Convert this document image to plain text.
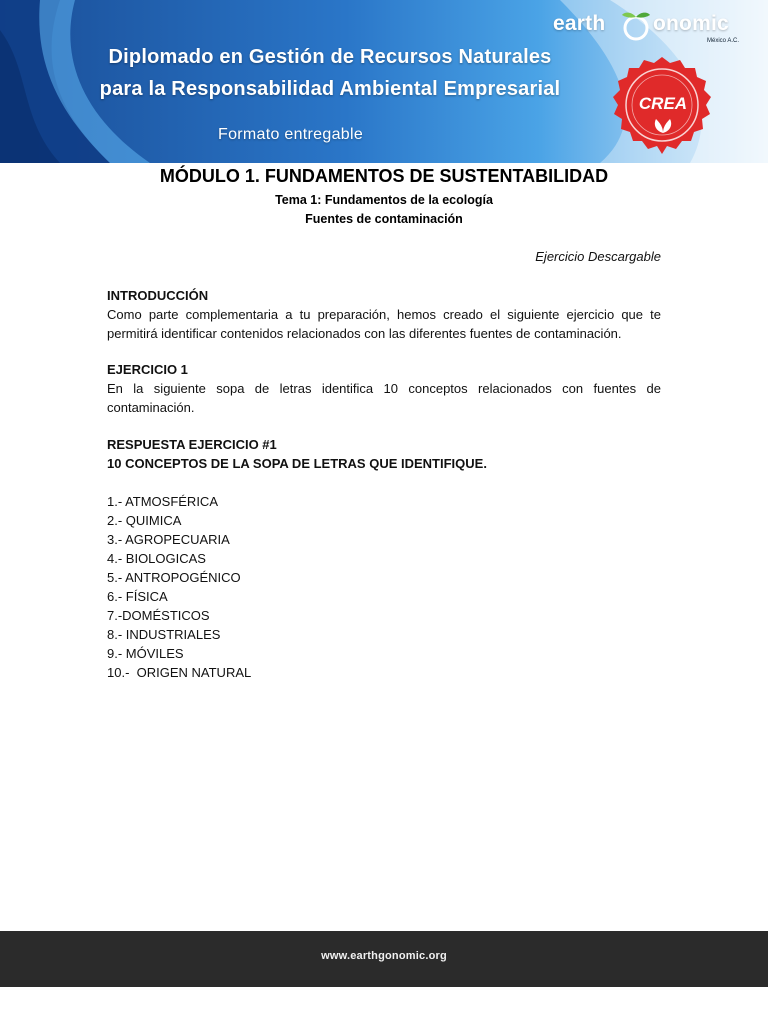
earth onomic
México A.C.
Diplomado en Gestión de Recursos Naturales
para la Responsabilidad Ambiental Empresarial
Formato entregable
CREA
MÓDULO 1. FUNDAMENTOS DE SUSTENTABILIDAD
Tema 1: Fundamentos de la ecología
Fuentes de contaminación
Ejercicio Descargable

INTRODUCCIÓN

Como parte complementaria a tu preparación, hemos creado el siguiente ejercicio que te permitirá identificar contenidos relacionados con las diferentes fuentes de contaminación.

EJERCICIO 1

En la siguiente sopa de letras identifica 10 conceptos relacionados con fuentes de contaminación.

RESPUESTA EJERCICIO #1

10 CONCEPTOS DE LA SOPA DE LETRAS QUE IDENTIFIQUE.

1.- ATMOSFÉRICA
2.- QUIMICA
3.- AGROPECUARIA
4.- BIOLOGICAS
5.- ANTROPOGÉNICO
6.- FÍSICA
7.-DOMÉSTICOS
8.- INDUSTRIALES
9.- MÓVILES
10.-  ORIGEN NATURAL
www.earthgonomic.org
